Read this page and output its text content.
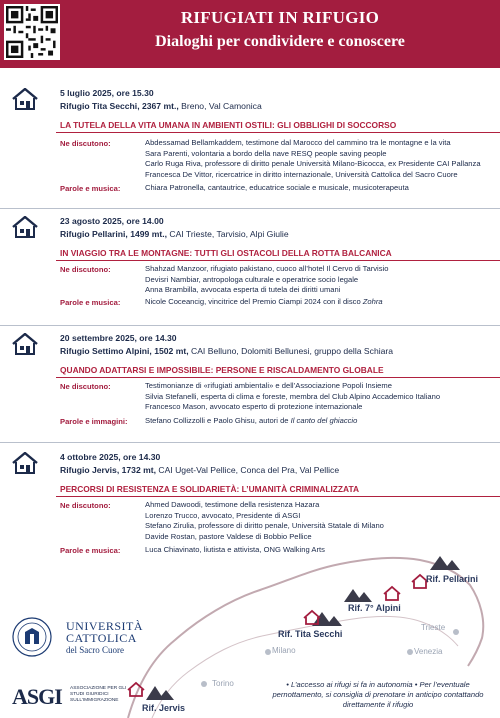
RIFUGIATI IN RIFUGIO
Dialoghi per condividere e conoscere
5 luglio 2025, ore 15.30
Rifugio Tita Secchi, 2367 mt., Breno, Val Camonica
LA TUTELA DELLA VITA UMANA IN AMBIENTI OSTILI: GLI OBBLIGHI DI SOCCORSO
Ne discutono:	Abdessamad Bellamkaddem, testimone dal Marocco del cammino tra le montagne e la vita
Sara Parenti, volontaria a bordo della nave RESQ people saving people
Carlo Ruga Riva, professore di diritto penale Università Milano-Bicocca, ex Presidente CAI Pallanza
Francesca De Vittor, ricercatrice in diritto internazionale, Università Cattolica del Sacro Cuore
Parole e musica:	Chiara Patronella, cantautrice, educatrice sociale e musicale, musicoterapeuta
23 agosto 2025, ore 14.00
Rifugio Pellarini, 1499 mt., CAI Trieste, Tarvisio, Alpi Giulie
IN VIAGGIO TRA LE MONTAGNE: TUTTI GLI OSTACOLI DELLA ROTTA BALCANICA
Ne discutono:	Shahzad Manzoor, rifugiato pakistano, cuoco all’hotel Il Cervo di Tarvisio
Devisri Nambiar, antropologa culturale e operatrice socio legale
Anna Brambilla, avvocata esperta di tutela dei diritti umani
Parole e musica:	Nicole Coceancig, vincitrice del Premio Ciampi 2024 con il disco Zohra
20 settembre 2025, ore 14.30
Rifugio Settimo Alpini, 1502 mt, CAI Belluno, Dolomiti Bellunesi, gruppo della Schiara
QUANDO ADATTARSI E IMPOSSIBILE: PERSONE E RISCALDAMENTO GLOBALE
Ne discutono:	Testimonianze di «rifugiati ambientali» e dell’Associazione Popoli Insieme
Silvia Stefanelli, esperta di clima e foreste, membra del Club Alpino Accademico Italiano
Francesco Mason, avvocato esperto di protezione internazionale
Parole e immagini: Stefano Collizzolli e Paolo Ghisu, autori de Il canto del ghiaccio
4 ottobre 2025, ore 14.30
Rifugio Jervis, 1732 mt, CAI Uget-Val Pellice, Conca del Pra, Val Pellice
PERCORSI DI RESISTENZA E SOLIDARIETÀ: L’UMANITÀ CRIMINALIZZATA
Ne discutono:	Ahmed Dawoodi, testimone della resistenza Hazara
Lorenzo Trucco, avvocato, Presidente di ASGI
Stefano Zirulia, professore di diritto penale, Università Statale di Milano
Davide Rostan, pastore Valdese di Bobbio Pellice
Parole e musica:	Luca Chiavinato, liutista e attivista, ONG Walking Arts
Rif. Pellarini
Rif. 7° Alpini
Rif. Tita Secchi
Rif. Jervis
Trieste
Venezia
Milano
Torino	• L’accesso ai rifugi si fa in autonomia • Per l’eventuale pernottamento, si consiglia di prenotare in anticipo contattando direttamente il rifugio
UNIVERSITÀ
CATTOLICA
del Sacro Cuore
ASGI ASSOCIAZIONE PER GLI STUDI GIURIDICI SULL’IMMIGRAZIONE
